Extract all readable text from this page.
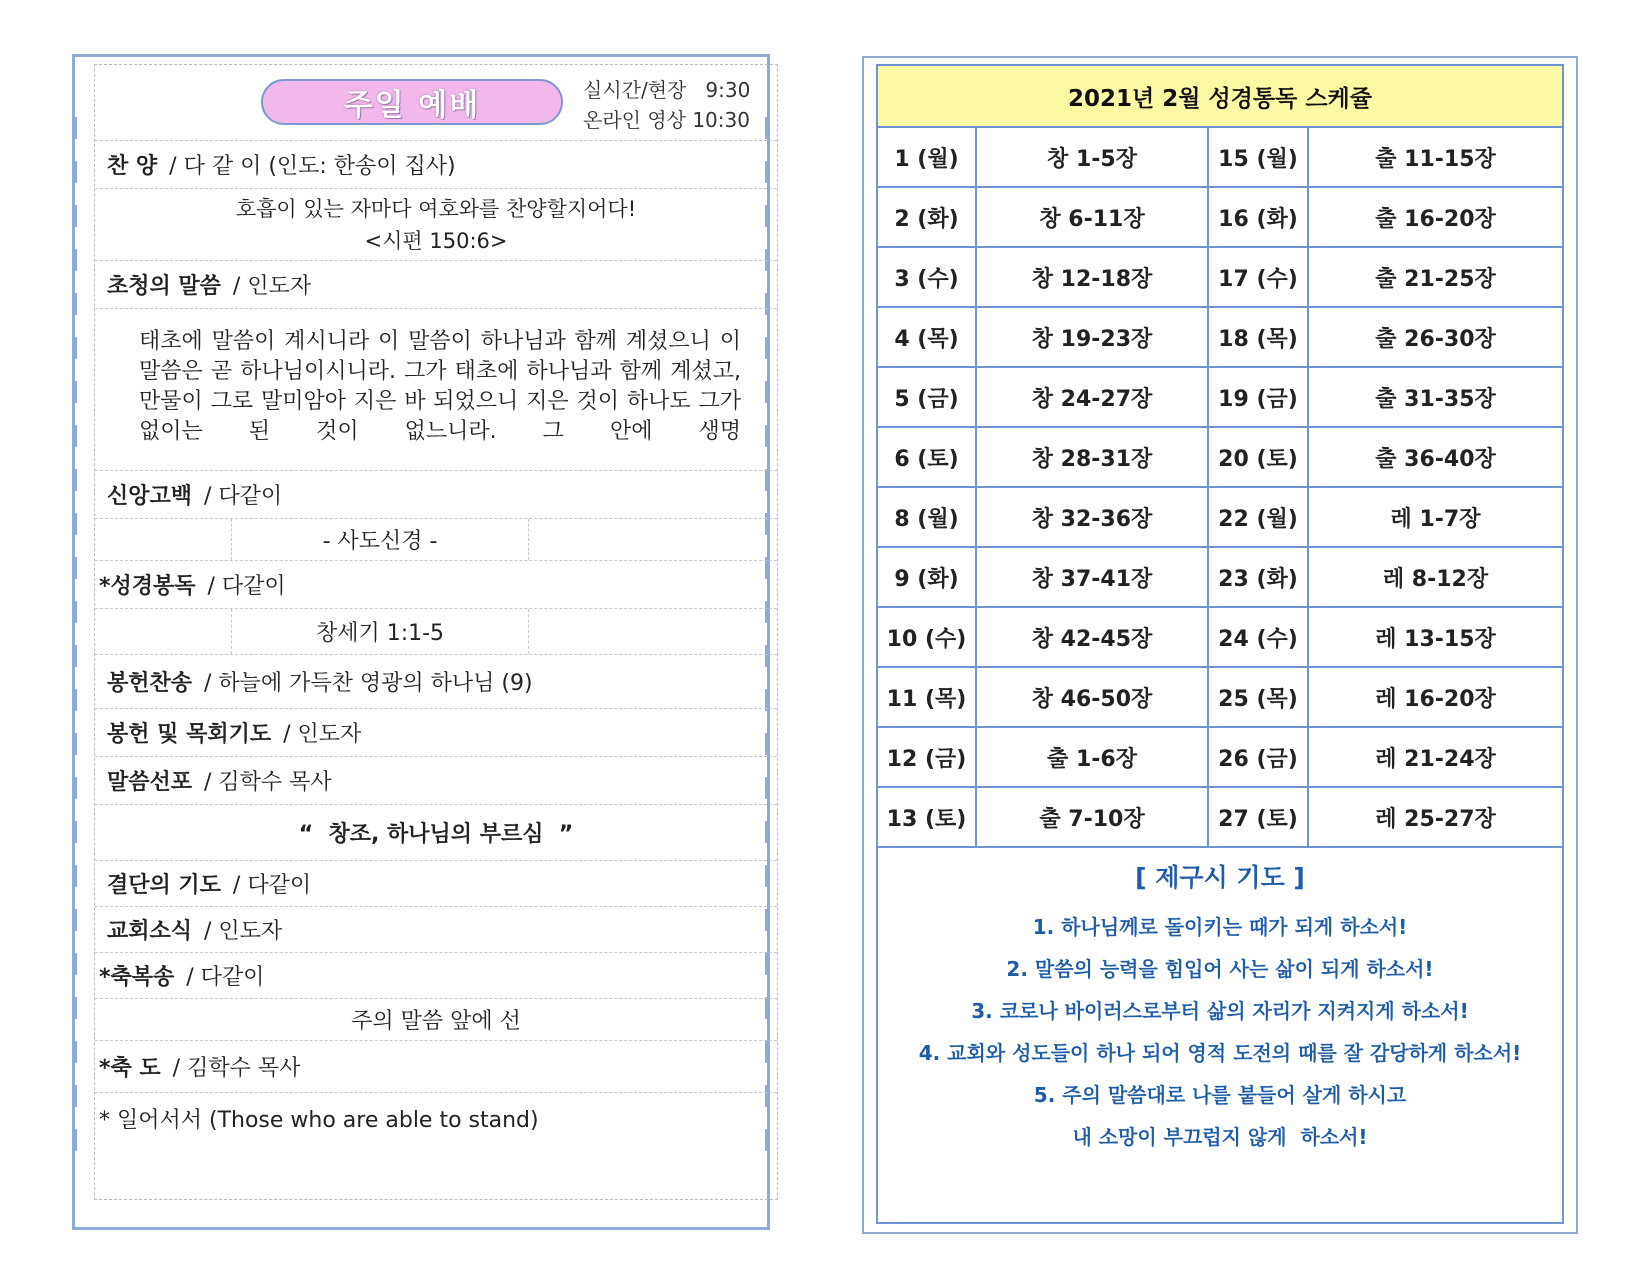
주일 예배	실시간/현장   9:30
온라인 영상 10:30
찬 양 / 다 같 이 (인도: 한송이 집사)
호흡이 있는 자마다 여호와를 찬양할지어다!
<시편 150:6>
초청의 말씀 / 인도자
태초에 말씀이 계시니라 이 말씀이 하나님과 함께 계셨으니 이 말씀은 곧 하나님이시니라. 그가 태초에 하나님과 함께 계셨고, 만물이 그로 말미암아 지은 바 되었으니 지은 것이 하나도 그가 없이는 된 것이 없느니라. 그 안에 생명
신앙고백 / 다같이
- 사도신경 -
*성경봉독 / 다같이
창세기 1:1-5
봉헌찬송 / 하늘에 가득찬 영광의 하나님 (9)
봉헌 및 목회기도 / 인도자
말씀선포 / 김학수 목사
“  창조, 하나님의 부르심  ”
결단의 기도 / 다같이
교회소식 / 인도자
*축복송 / 다같이
주의 말씀 앞에 선
*축 도 / 김학수 목사
* 일어서서 (Those who are able to stand)
2021년 2월 성경통독 스케쥴
1 (월)	창 1-5장	15 (월)	출 11-15장
2 (화)	창 6-11장	16 (화)	출 16-20장
3 (수)	창 12-18장	17 (수)	출 21-25장
4 (목)	창 19-23장	18 (목)	출 26-30장
5 (금)	창 24-27장	19 (금)	출 31-35장
6 (토)	창 28-31장	20 (토)	출 36-40장
8 (월)	창 32-36장	22 (월)	레 1-7장
9 (화)	창 37-41장	23 (화)	레 8-12장
10 (수)	창 42-45장	24 (수)	레 13-15장
11 (목)	창 46-50장	25 (목)	레 16-20장
12 (금)	출 1-6장	26 (금)	레 21-24장
13 (토)	출 7-10장	27 (토)	레 25-27장
[ 제구시 기도 ]
1. 하나님께로 돌이키는 때가 되게 하소서!
2. 말씀의 능력을 힘입어 사는 삶이 되게 하소서!
3. 코로나 바이러스로부터 삶의 자리가 지켜지게 하소서!
4. 교회와 성도들이 하나 되어 영적 도전의 때를 잘 감당하게 하소서!
5. 주의 말씀대로 나를 붙들어 살게 하시고
내 소망이 부끄럽지 않게  하소서!
